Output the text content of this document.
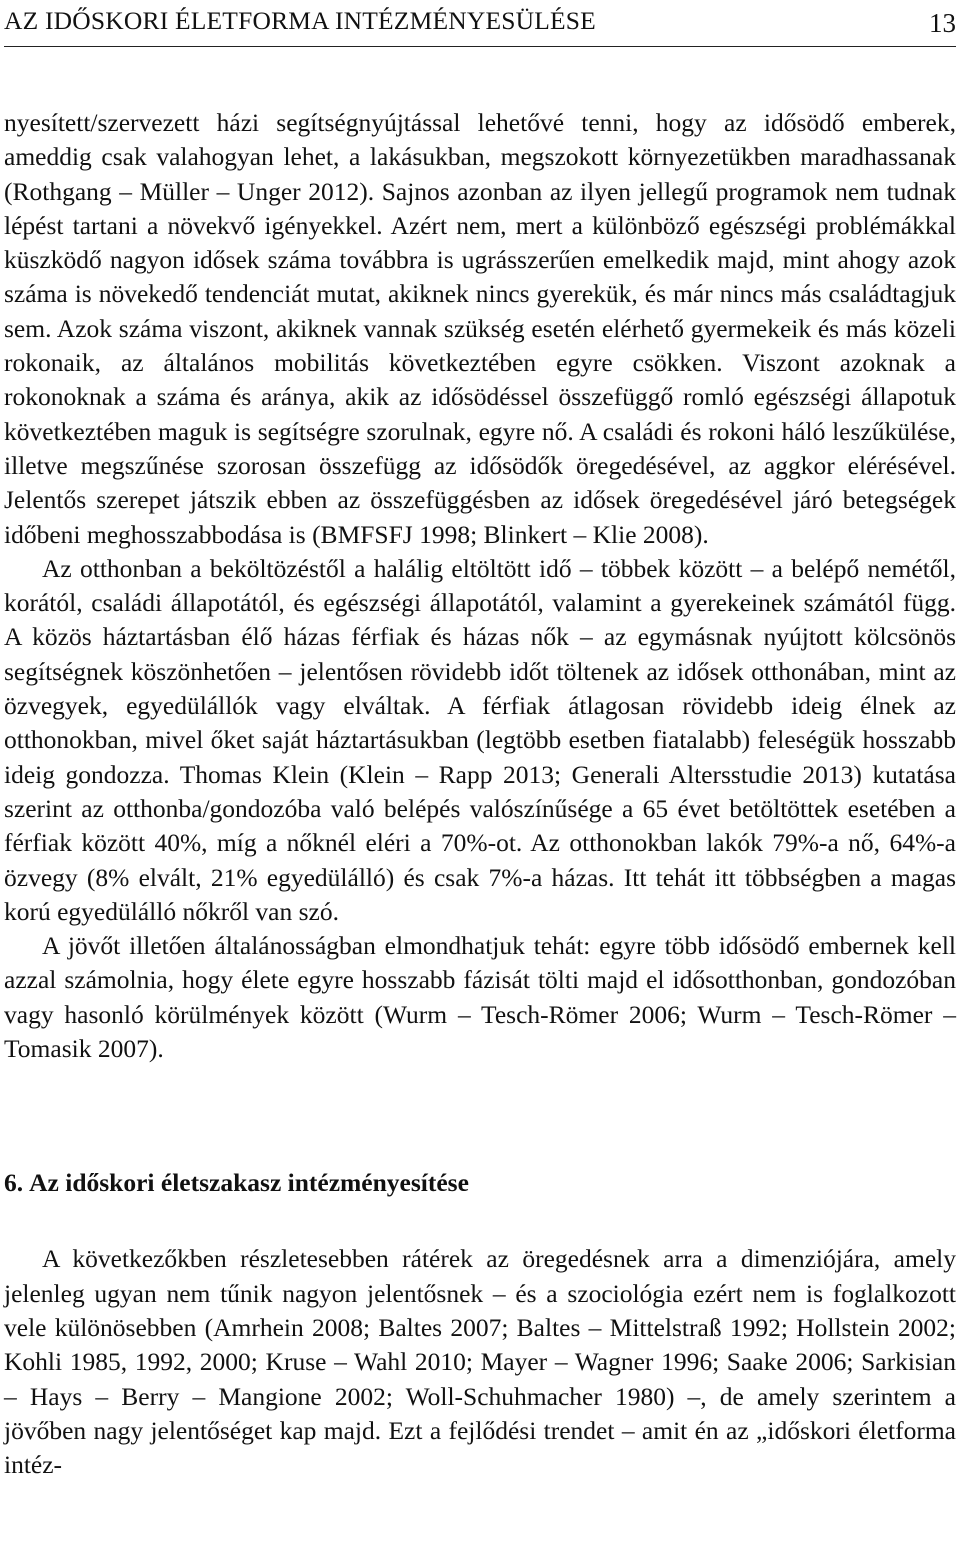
AZ IDŐSKORI ÉLETFORMA INTÉZMÉNYESÜLÉSE	13

nyesített/szervezett házi segítségnyújtással lehetővé tenni, hogy az idősödő emberek, ameddig csak valahogyan lehet, a lakásukban, megszokott környezetükben maradhassanak (Rothgang – Müller – Unger 2012). Sajnos azonban az ilyen jellegű programok nem tudnak lépést tartani a növekvő igényekkel. Azért nem, mert a különböző egészségi problémákkal küszködő nagyon idősek száma továbbra is ugrásszerűen emelkedik majd, mint ahogy azok száma is növekedő tendenciát mutat, akiknek nincs gyerekük, és már nincs más családtagjuk sem. Azok száma viszont, akiknek vannak szükség esetén elérhető gyermekeik és más közeli rokonaik, az általános mobilitás következtében egyre csökken. Viszont azoknak a rokonoknak a száma és aránya, akik az idősödéssel összefüggő romló egészségi állapotuk következtében maguk is segítségre szorulnak, egyre nő. A családi és rokoni háló leszűkülése, illetve megszűnése szorosan összefügg az idősödők öregedésével, az aggkor elérésével. Jelentős szerepet játszik ebben az összefüggésben az idősek öregedésével járó betegségek időbeni meghosszabbodása is (BMFSFJ 1998; Blinkert – Klie 2008).

Az otthonban a beköltözéstől a halálig eltöltött idő – többek között – a belépő nemétől, korától, családi állapotától, és egészségi állapotától, valamint a gyerekeinek számától függ. A közös háztartásban élő házas férfiak és házas nők – az egymásnak nyújtott kölcsönös segítségnek köszönhetően – jelentősen rövidebb időt töltenek az idősek otthonában, mint az özvegyek, egyedülállók vagy elváltak. A férfiak átlagosan rövidebb ideig élnek az otthonokban, mivel őket saját háztartásukban (legtöbb esetben fiatalabb) feleségük hosszabb ideig gondozza. Thomas Klein (Klein – Rapp 2013; Generali Altersstudie 2013) kutatása szerint az otthonba/gondozóba való belépés valószínűsége a 65 évet betöltöttek esetében a férfiak között 40%, míg a nőknél eléri a 70%-ot. Az otthonokban lakók 79%-a nő, 64%-a özvegy (8% elvált, 21% egyedülálló) és csak 7%-a házas. Itt tehát itt többségben a magas korú egyedülálló nőkről van szó.

A jövőt illetően általánosságban elmondhatjuk tehát: egyre több idősödő embernek kell azzal számolnia, hogy élete egyre hosszabb fázisát tölti majd el idősotthonban, gondozóban vagy hasonló körülmények között (Wurm – Tesch-Römer 2006; Wurm – Tesch-Römer – Tomasik 2007).

6. Az időskori életszakasz intézményesítése

A következőkben részletesebben rátérek az öregedésnek arra a dimenziójára, amely jelenleg ugyan nem tűnik nagyon jelentősnek – és a szociológia ezért nem is foglalkozott vele különösebben (Amrhein 2008; Baltes 2007; Baltes – Mittelstraß 1992; Hollstein 2002; Kohli 1985, 1992, 2000; Kruse – Wahl 2010; Mayer – Wagner 1996; Saake 2006; Sarkisian – Hays – Berry – Mangione 2002; Woll-Schuhmacher 1980) –, de amely szerintem a jövőben nagy jelentőséget kap majd. Ezt a fejlődési trendet – amit én az „időskori életforma intéz-
